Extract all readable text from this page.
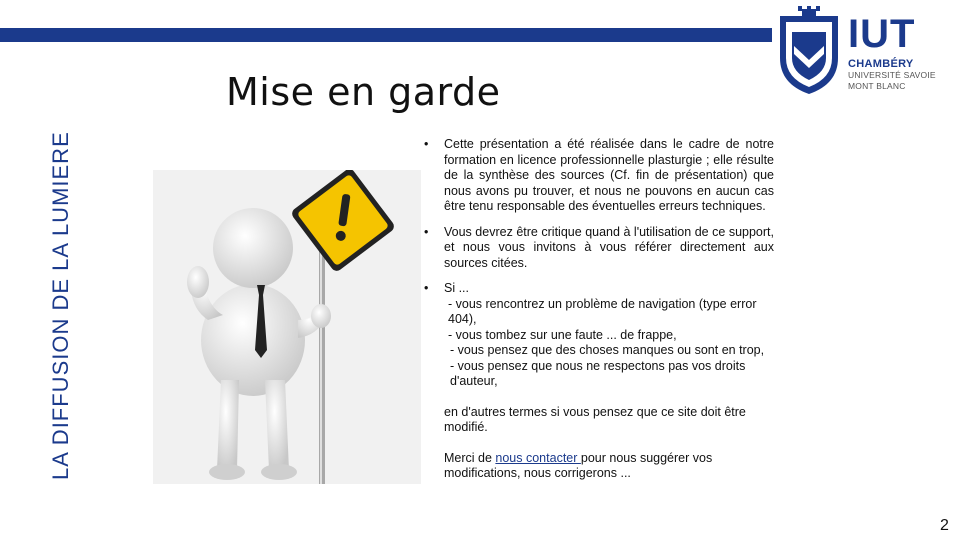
LA DIFFUSION DE LA LUMIERE
Mise en garde
IUT
CHAMBÉRY
UNIVERSITÉ SAVOIE
MONT BLANC
• Cette présentation a été réalisée dans le cadre de notre formation en licence professionnelle plasturgie ; elle résulte de la synthèse des sources (Cf. fin de présentation) que nous avons pu trouver, et nous ne pouvons en aucun cas être tenu responsable des éventuelles erreurs techniques.
• Vous devrez être critique quand à l'utilisation de ce support, et nous vous invitons à vous référer directement aux sources citées.
• Si ...
- vous rencontrez un problème de navigation (type error 404),
- vous tombez sur une faute ... de frappe,
- vous pensez que des choses manques ou sont en trop,
- vous pensez que nous ne respectons pas vos droits d'auteur,
en d'autres termes si vous pensez que ce site doit être modifié.
Merci de nous contacter pour nous suggérer vos modifications, nous corrigerons ...
2
